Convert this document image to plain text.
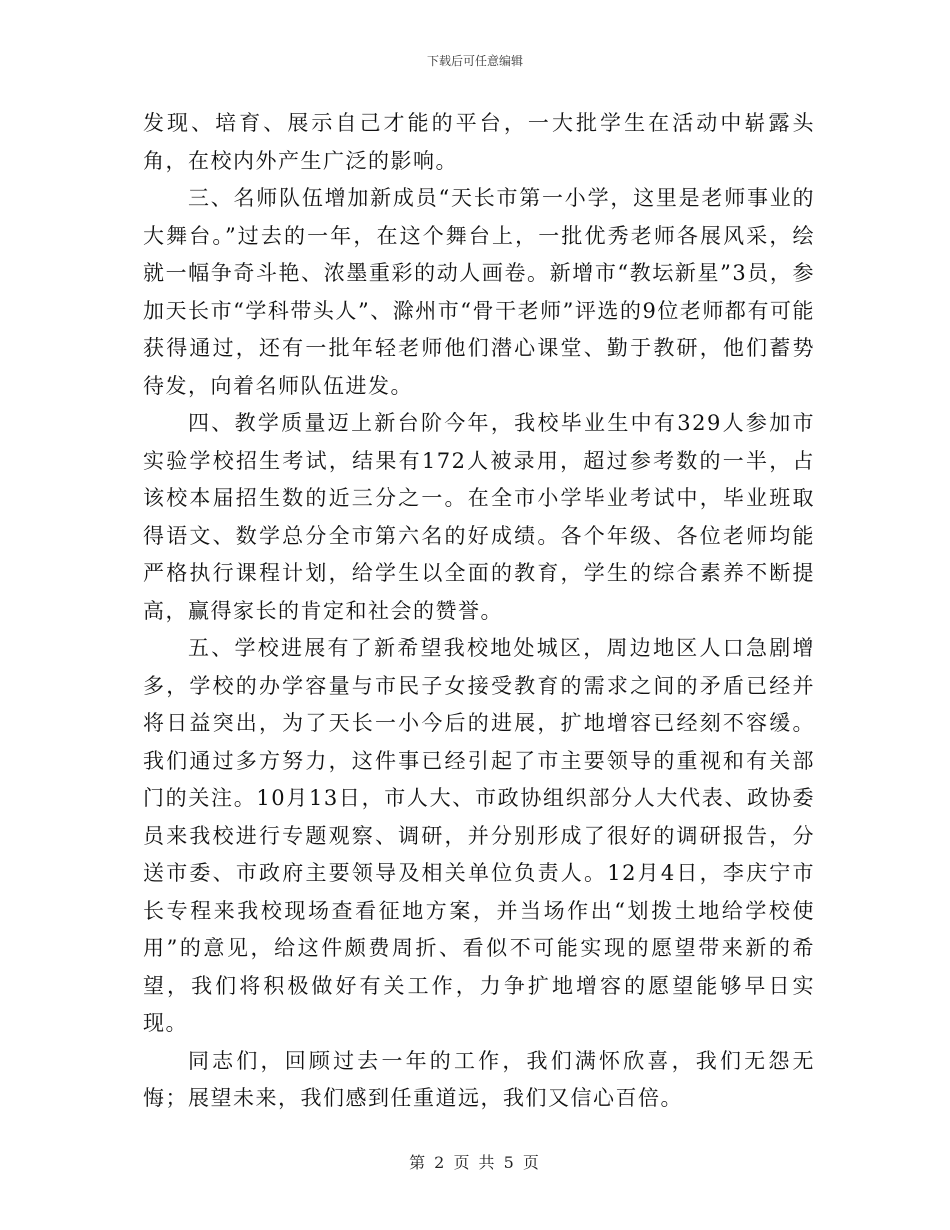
下载后可任意编辑

发现、培育、展示自己才能的平台，一大批学生在活动中崭露头角，在校内外产生广泛的影响。

三、名师队伍增加新成员“天长市第一小学，这里是老师事业的大舞台。”过去的一年，在这个舞台上，一批优秀老师各展风采，绘就一幅争奇斗艳、浓墨重彩的动人画卷。新增市“教坛新星”3员，参加天长市“学科带头人”、滁州市“骨干老师”评选的9位老师都有可能获得通过，还有一批年轻老师他们潜心课堂、勤于教研，他们蓄势待发，向着名师队伍进发。

四、教学质量迈上新台阶今年，我校毕业生中有329人参加市实验学校招生考试，结果有172人被录用，超过参考数的一半，占该校本届招生数的近三分之一。在全市小学毕业考试中，毕业班取得语文、数学总分全市第六名的好成绩。各个年级、各位老师均能严格执行课程计划，给学生以全面的教育，学生的综合素养不断提高，赢得家长的肯定和社会的赞誉。

五、学校进展有了新希望我校地处城区，周边地区人口急剧增多，学校的办学容量与市民子女接受教育的需求之间的矛盾已经并将日益突出，为了天长一小今后的进展，扩地增容已经刻不容缓。我们通过多方努力，这件事已经引起了市主要领导的重视和有关部门的关注。10月13日，市人大、市政协组织部分人大代表、政协委员来我校进行专题观察、调研，并分别形成了很好的调研报告，分送市委、市政府主要领导及相关单位负责人。12月4日，李庆宁市长专程来我校现场查看征地方案，并当场作出“划拨土地给学校使用”的意见，给这件颇费周折、看似不可能实现的愿望带来新的希望，我们将积极做好有关工作，力争扩地增容的愿望能够早日实现。

同志们，回顾过去一年的工作，我们满怀欣喜，我们无怨无悔；展望未来，我们感到任重道远，我们又信心百倍。

第 2 页 共 5 页
